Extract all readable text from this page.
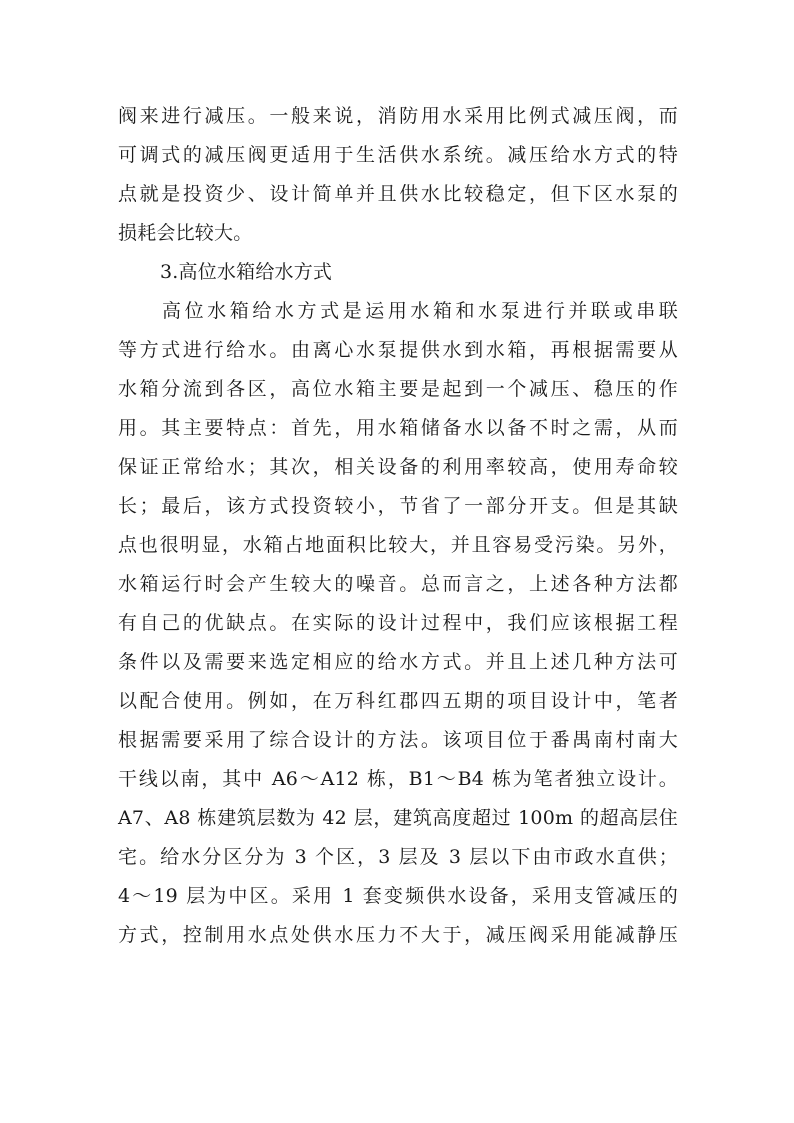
阀来进行减压。一般来说，消防用水采用比例式减压阀，而
可调式的减压阀更适用于生活供水系统。减压给水方式的特
点就是投资少、设计简单并且供水比较稳定，但下区水泵的
损耗会比较大。
3.高位水箱给水方式
高位水箱给水方式是运用水箱和水泵进行并联或串联
等方式进行给水。由离心水泵提供水到水箱，再根据需要从
水箱分流到各区，高位水箱主要是起到一个减压、稳压的作
用。其主要特点：首先，用水箱储备水以备不时之需，从而
保证正常给水；其次，相关设备的利用率较高，使用寿命较
长；最后，该方式投资较小，节省了一部分开支。但是其缺
点也很明显，水箱占地面积比较大，并且容易受污染。另外，
水箱运行时会产生较大的噪音。总而言之，上述各种方法都
有自己的优缺点。在实际的设计过程中，我们应该根据工程
条件以及需要来选定相应的给水方式。并且上述几种方法可
以配合使用。例如，在万科红郡四五期的项目设计中，笔者
根据需要采用了综合设计的方法。该项目位于番禺南村南大
干线以南，其中 A6～A12 栋，B1～B4 栋为笔者独立设计。
A7、A8 栋建筑层数为 42 层，建筑高度超过 100m 的超高层住
宅。给水分区分为 3 个区，3 层及 3 层以下由市政水直供；
4～19 层为中区。采用 1 套变频供水设备，采用支管减压的
方式，控制用水点处供水压力不大于，减压阀采用能减静压
